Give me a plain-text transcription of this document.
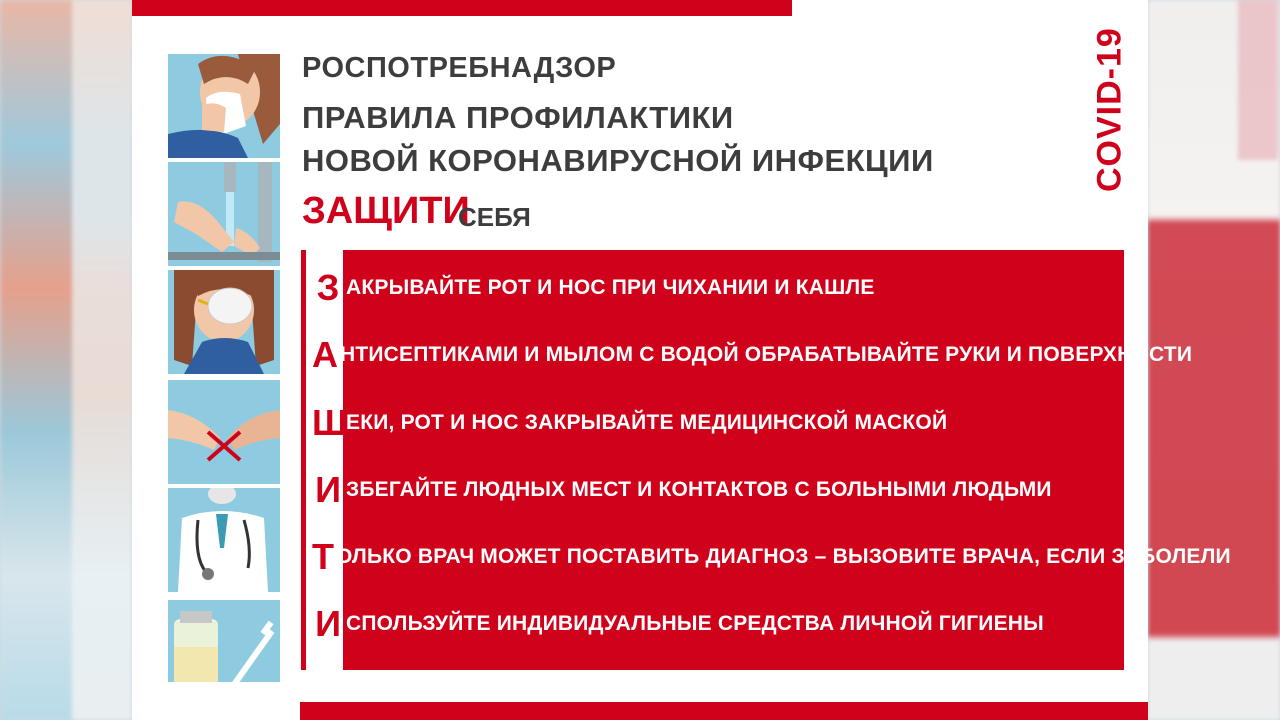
РОСПОТРЕБНАДЗОР
ПРАВИЛА ПРОФИЛАКТИКИ
НОВОЙ КОРОНАВИРУСНОЙ ИНФЕКЦИИ
ЗАЩИТИ
СЕБЯ
COVID-19
З АКРЫВАЙТЕ РОТ И НОС ПРИ ЧИХАНИИ И КАШЛЕ
А НТИСЕПТИКАМИ И МЫЛОМ С ВОДОЙ ОБРАБАТЫВАЙТЕ РУКИ И ПОВЕРХНОСТИ
Щ
ЕКИ, РОТ И НОС ЗАКРЫВАЙТЕ МЕДИЦИНСКОЙ МАСКОЙ
И ЗБЕГАЙТЕ ЛЮДНЫХ МЕСТ И КОНТАКТОВ С БОЛЬНЫМИ ЛЮДЬМИ
Т ОЛЬКО ВРАЧ МОЖЕТ ПОСТАВИТЬ ДИАГНОЗ – ВЫЗОВИТЕ ВРАЧА, ЕСЛИ ЗАБОЛЕЛИ
И СПОЛЬЗУЙТЕ ИНДИВИДУАЛЬНЫЕ СРЕДСТВА ЛИЧНОЙ ГИГИЕНЫ
